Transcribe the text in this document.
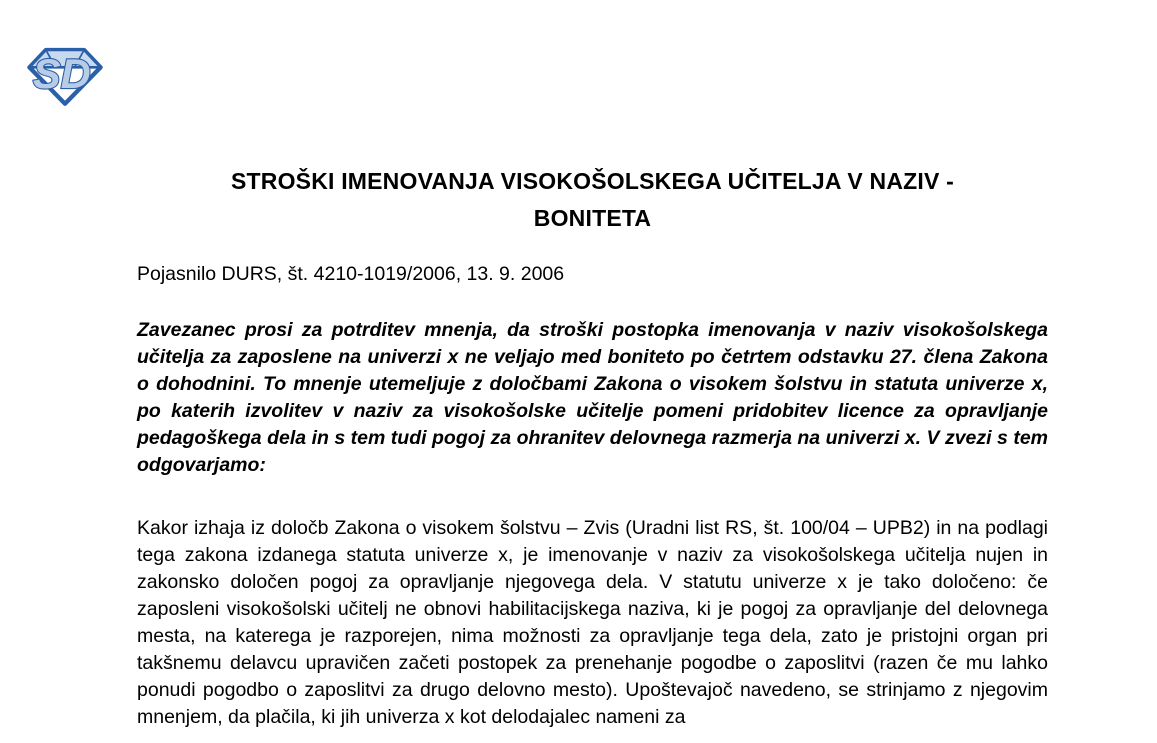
SD
STROŠKI IMENOVANJA VISOKOŠOLSKEGA UČITELJA V NAZIV -
BONITETA
Pojasnilo DURS, št. 4210-1019/2006, 13. 9. 2006
Zavezanec prosi za potrditev mnenja, da stroški postopka imenovanja v naziv visokošolskega učitelja za zaposlene na univerzi x ne veljajo med boniteto po četrtem odstavku 27. člena Zakona o dohodnini. To mnenje utemeljuje z določbami Zakona o visokem šolstvu in statuta univerze x, po katerih izvolitev v naziv za visokošolske učitelje pomeni pridobitev licence za opravljanje pedagoškega dela in s tem tudi pogoj za ohranitev delovnega razmerja na univerzi x. V zvezi s tem odgovarjamo:
Kakor izhaja iz določb Zakona o visokem šolstvu – Zvis (Uradni list RS, št. 100/04 – UPB2) in na podlagi tega zakona izdanega statuta univerze x, je imenovanje v naziv za visokošolskega učitelja nujen in zakonsko določen pogoj za opravljanje njegovega dela. V statutu univerze x je tako določeno: če zaposleni visokošolski učitelj ne obnovi habilitacijskega naziva, ki je pogoj za opravljanje del delovnega mesta, na katerega je razporejen, nima možnosti za opravljanje tega dela, zato je pristojni organ pri takšnemu delavcu upravičen začeti postopek za prenehanje pogodbe o zaposlitvi (razen če mu lahko ponudi pogodbo o zaposlitvi za drugo delovno mesto). Upoštevajoč navedeno, se strinjamo z njegovim mnenjem, da plačila, ki jih univerza x kot delodajalec nameni za
